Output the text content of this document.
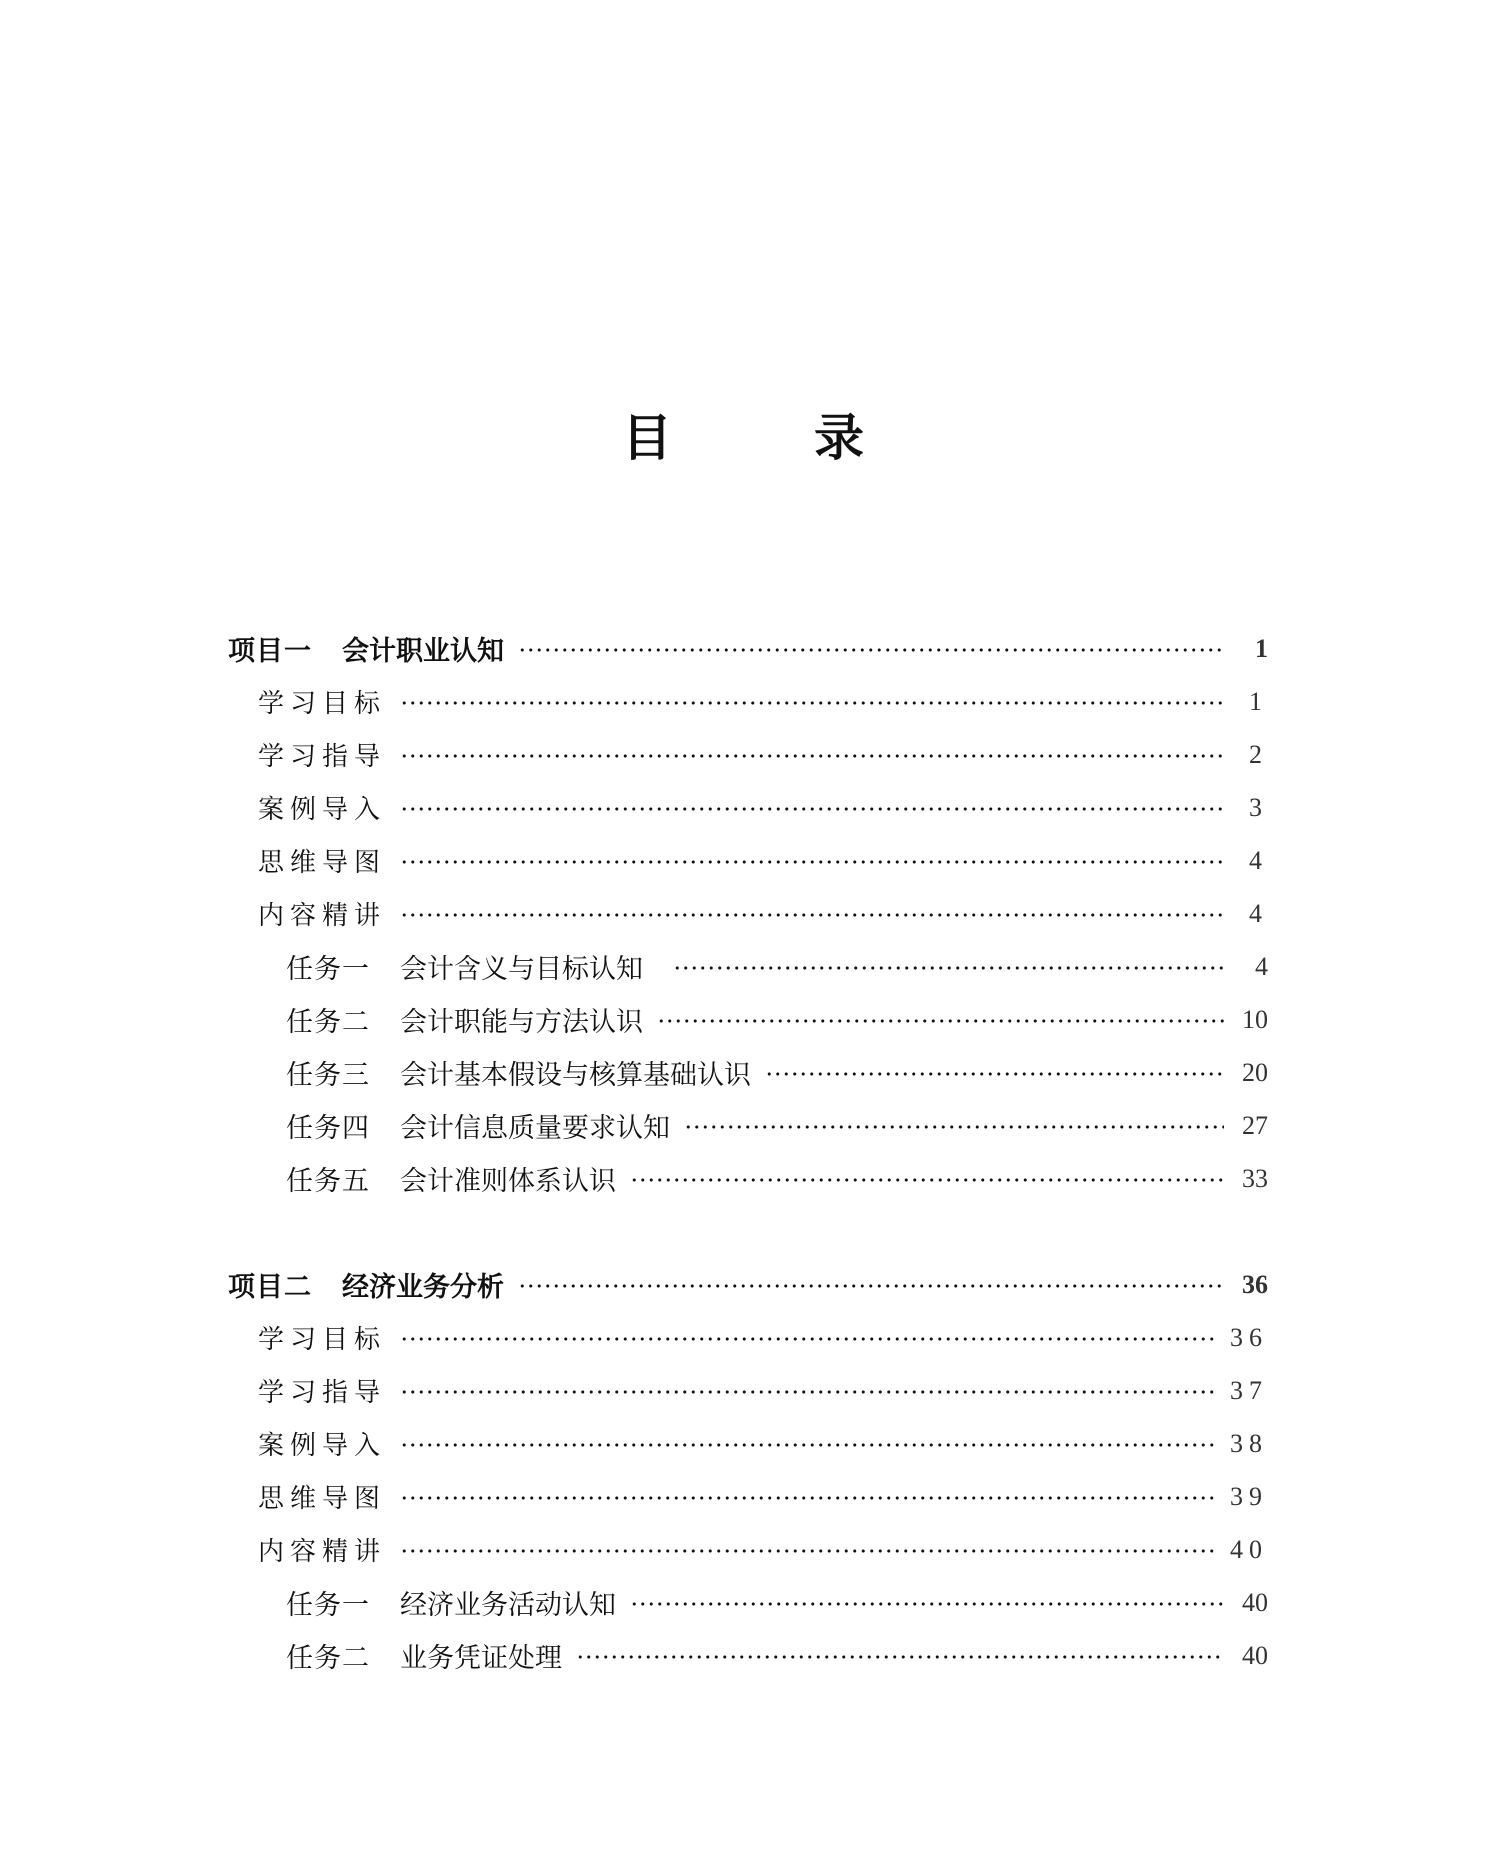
目	录
项目一 会计职业认知	1
学习目标	1
学习指导	2
案例导入	3
思维导图	4
内容精讲	4
任务一 会计含义与目标认知	4
任务二 会计职能与方法认识	10
任务三 会计基本假设与核算基础认识	20
任务四 会计信息质量要求认知	27
任务五 会计准则体系认识	33
项目二 经济业务分析	36
学习目标	36
学习指导	37
案例导入	38
思维导图	39
内容精讲	40
任务一 经济业务活动认知	40
任务二 业务凭证处理	40
